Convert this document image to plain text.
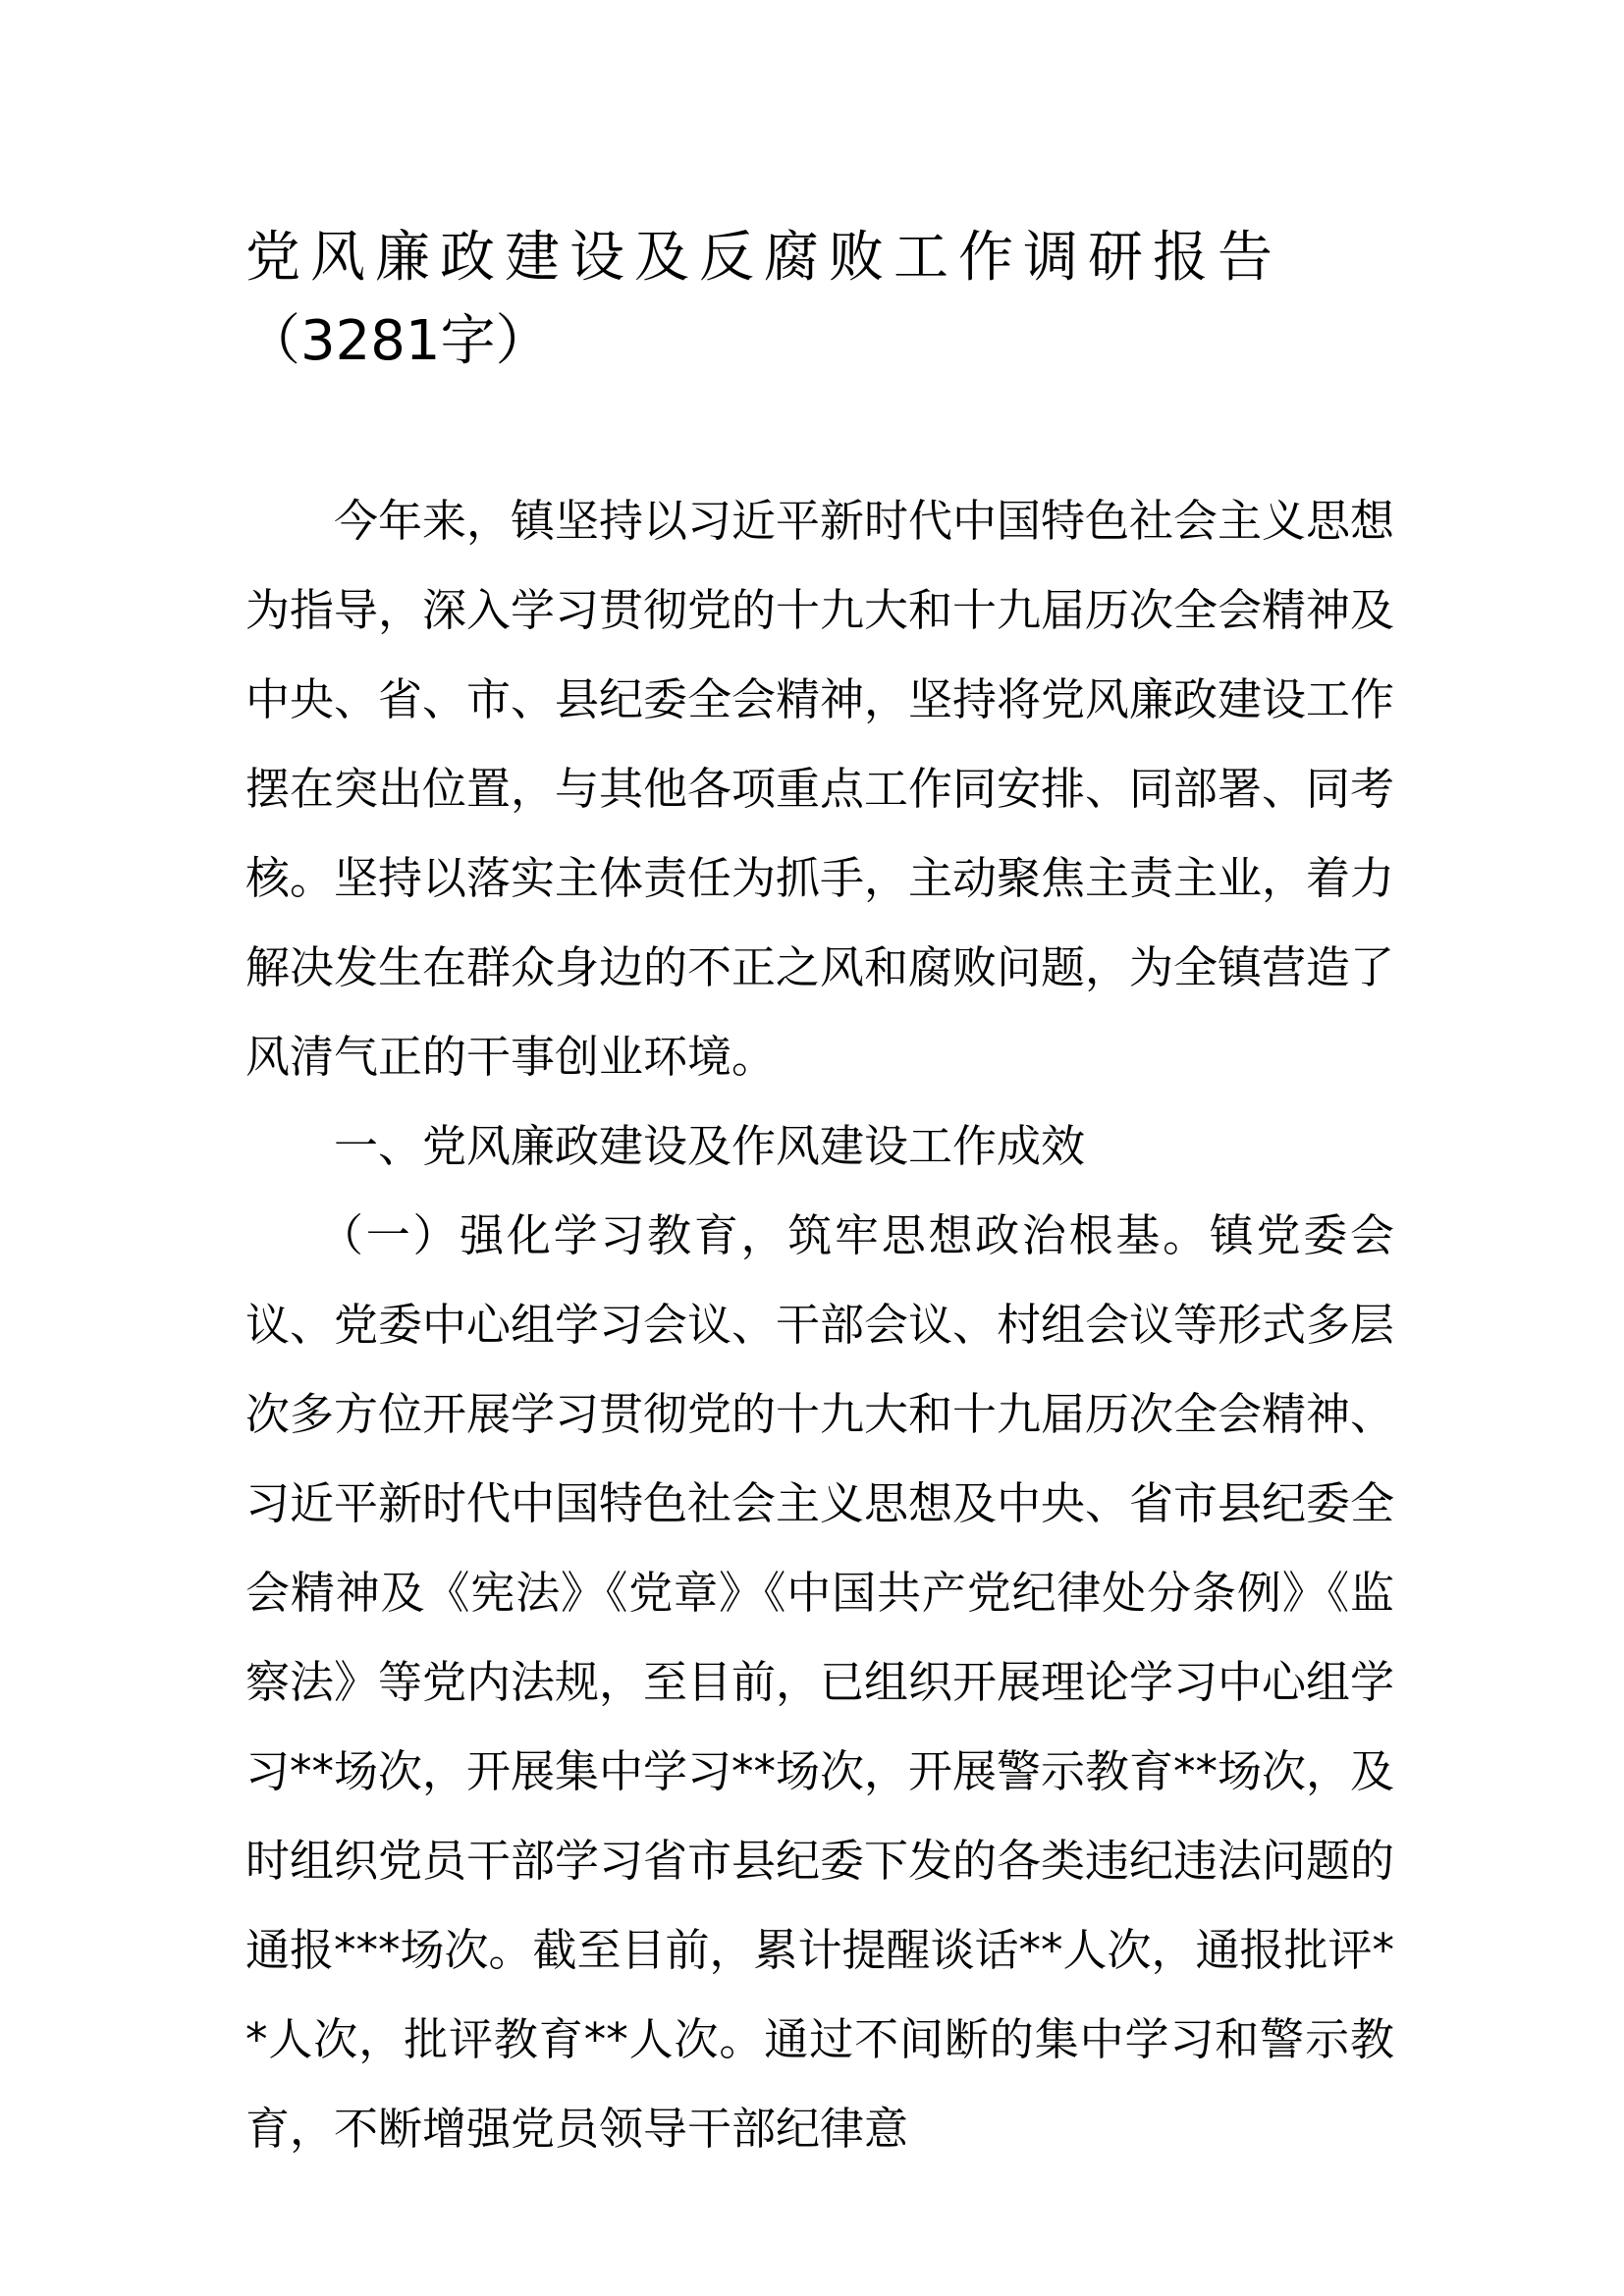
党风廉政建设及反腐败工作调研报告
（3281字）

今年来，镇坚持以习近平新时代中国特色社会主义思想为指导，深入学习贯彻党的十九大和十九届历次全会精神及中央、省、市、县纪委全会精神，坚持将党风廉政建设工作摆在突出位置，与其他各项重点工作同安排、同部署、同考核。坚持以落实主体责任为抓手，主动聚焦主责主业，着力解决发生在群众身边的不正之风和腐败问题，为全镇营造了风清气正的干事创业环境。

一、党风廉政建设及作风建设工作成效

（一）强化学习教育，筑牢思想政治根基。镇党委会议、党委中心组学习会议、干部会议、村组会议等形式多层次多方位开展学习贯彻党的十九大和十九届历次全会精神、习近平新时代中国特色社会主义思想及中央、省市县纪委全会精神及《宪法》《党章》《中国共产党纪律处分条例》《监察法》等党内法规，至目前，已组织开展理论学习中心组学习**场次，开展集中学习**场次，开展警示教育**场次，及时组织党员干部学习省市县纪委下发的各类违纪违法问题的通报***场次。截至目前，累计提醒谈话**人次，通报批评**人次，批评教育**人次。通过不间断的集中学习和警示教育，不断增强党员领导干部纪律意
